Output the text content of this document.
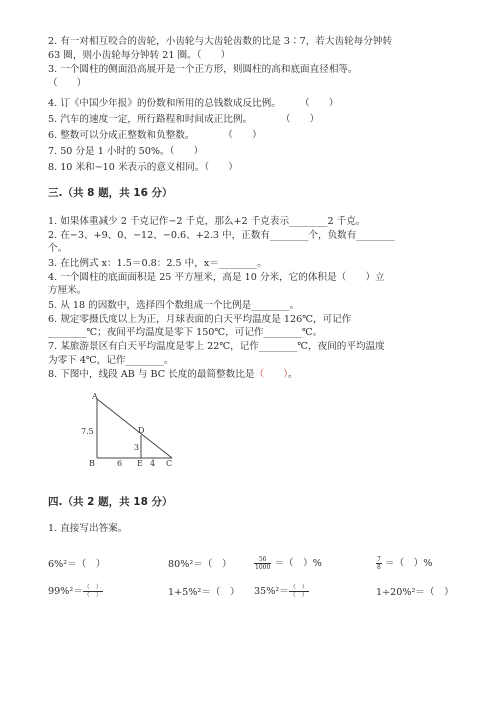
2. 有一对相互咬合的齿轮，小齿轮与大齿轮齿数的比是 3∶7，若大齿轮每分钟转
63 圈，则小齿轮每分钟转 21 圈。（　　）
3. 一个圆柱的侧面沿高展开是一个正方形，则圆柱的高和底面直径相等。
（　　）
4. 订《中国少年报》的份数和所用的总钱数成反比例。　　　（　　）
5. 汽车的速度一定，所行路程和时间成正比例。　　　　（　　）
6. 整数可以分成正整数和负整数。　　　　（　　）
7. 50 分是 1 小时的 50%。（　　）
8. 10 米和−10 米表示的意义相同。（　　）
三.（共 8 题，共 16 分）
1. 如果体重减少 2 千克记作−2 千克，那么+2 千克表示________2 千克。
2. 在−3、+9、0、−12、−0.6、+2.3 中，正数有________个，负数有________
个。
3. 在比例式 x：1.5＝0.8：2.5 中，x＝________。
4. 一个圆柱的底面面积是 25 平方厘米，高是 10 分米，它的体积是（　　）立
方厘米。
5. 从 18 的因数中，选择四个数组成一个比例是________。
6. 规定零摄氏度以上为正，月球表面的白天平均温度是 126℃，可记作
________℃；夜间平均温度是零下 150℃，可记作________℃。
7. 某旅游景区有白天平均温度是零上 22℃，记作________℃，夜间的平均温度
为零下 4℃，记作________。
8. 下图中，线段 AB 与 BC 长度的最简整数比是（　　）。
A
B	C
D
E
7.5
3
6	4
四.（共 2 题，共 18 分）
1. 直接写出答案。
6%²＝（　）	80%²＝（　）	$\frac{56}{1000}$ ＝（　）%	$\frac{7}{8}$ ＝（　）%
$99\%^2= \frac{( )}{( )}$	1+5%²＝（　） $35\%^2= \frac{( )}{( )}$	1÷20%²＝（　）
